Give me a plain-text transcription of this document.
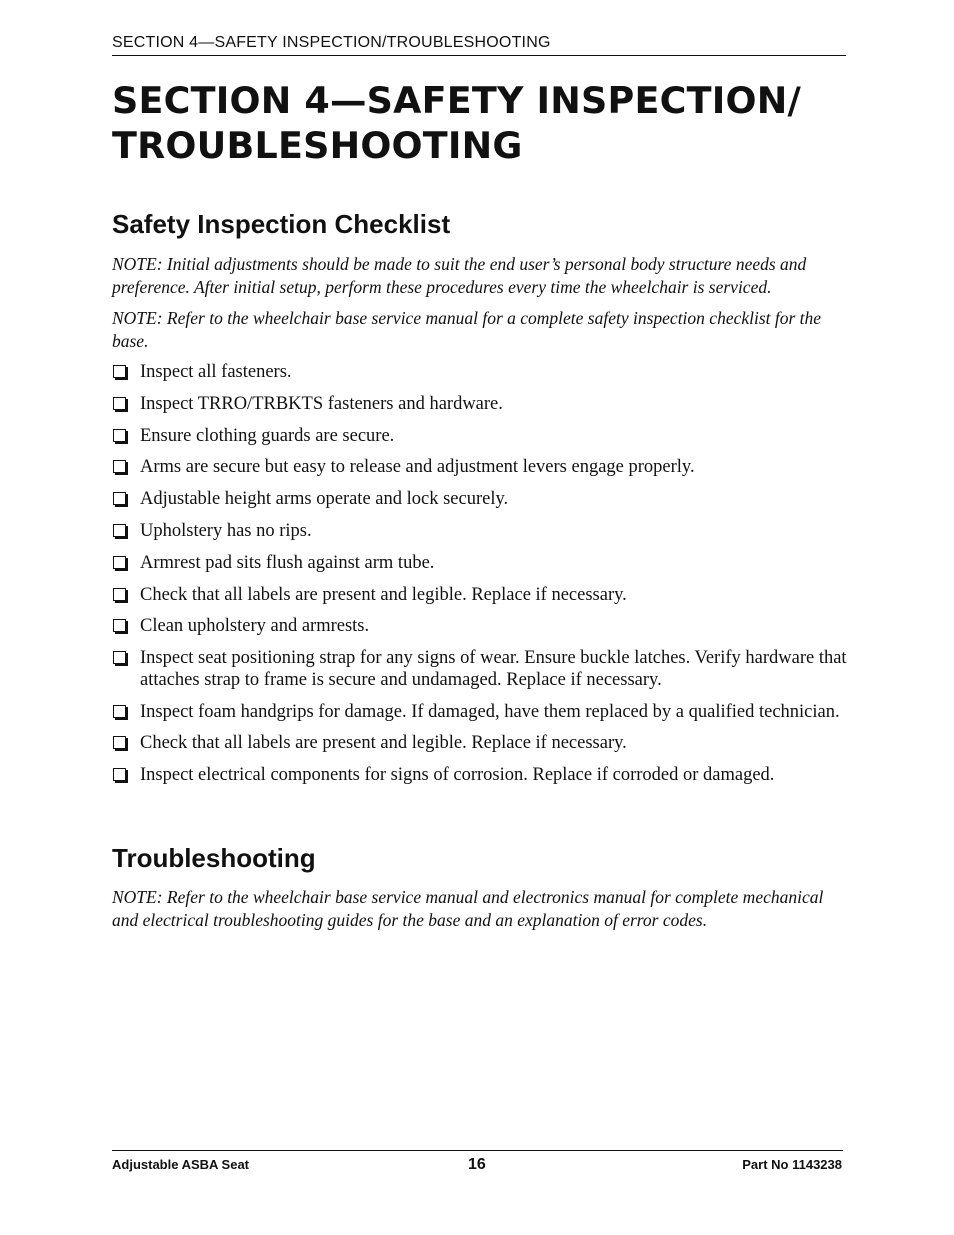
SECTION 4—SAFETY INSPECTION/TROUBLESHOOTING
SECTION 4—SAFETY INSPECTION/
TROUBLESHOOTING
Safety Inspection Checklist

NOTE: Initial adjustments should be made to suit the end user’s personal body structure needs and preference. After initial setup, perform these procedures every time the wheelchair is serviced.

NOTE: Refer to the wheelchair base service manual for a complete safety inspection checklist for the base.

Inspect all fasteners.
Inspect TRRO/TRBKTS fasteners and hardware.
Ensure clothing guards are secure.
Arms are secure but easy to release and adjustment levers engage properly.
Adjustable height arms operate and lock securely.
Upholstery has no rips.
Armrest pad sits flush against arm tube.
Check that all labels are present and legible. Replace if necessary.
Clean upholstery and armrests.
Inspect seat positioning strap for any signs of wear. Ensure buckle latches. Verify hardware that attaches strap to frame is secure and undamaged. Replace if necessary.
Inspect foam handgrips for damage. If damaged, have them replaced by a qualified technician.
Check that all labels are present and legible. Replace if necessary.
Inspect electrical components for signs of corrosion. Replace if corroded or damaged.
Troubleshooting

NOTE: Refer to the wheelchair base service manual and electronics manual for complete mechanical and electrical troubleshooting guides for the base and an explanation of error codes.

Adjustable ASBA Seat	16	Part No 1143238
